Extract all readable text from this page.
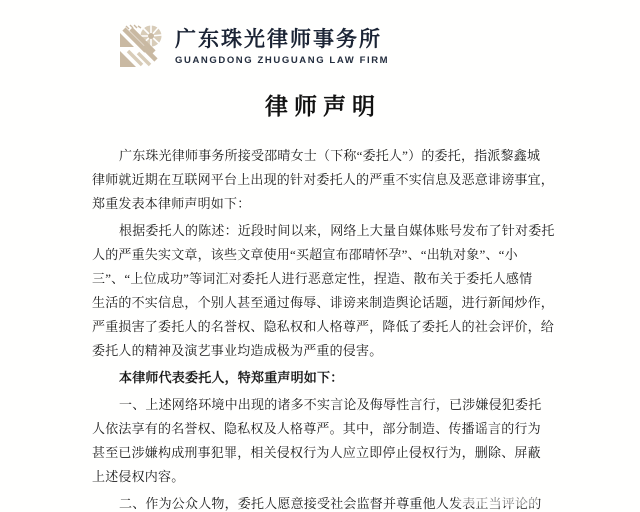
广东珠光律师事务所
GUANGDONG ZHUGUANG LAW FIRM
律师声明
广东珠光律师事务所接受邵晴女士（下称“委托人”）的委托，指派黎鑫城
律师就近期在互联网平台上出现的针对委托人的严重不实信息及恶意诽谤事宜，
郑重发表本律师声明如下：
根据委托人的陈述：近段时间以来，网络上大量自媒体账号发布了针对委托
人的严重失实文章，该些文章使用“买超宣布邵晴怀孕”、“出轨对象”、“小
三”、“上位成功”等词汇对委托人进行恶意定性，捏造、散布关于委托人感情
生活的不实信息，个别人甚至通过侮辱、诽谤来制造舆论话题，进行新闻炒作，
严重损害了委托人的名誉权、隐私权和人格尊严，降低了委托人的社会评价，给
委托人的精神及演艺事业均造成极为严重的侵害。
本律师代表委托人，特郑重声明如下：
一、上述网络环境中出现的诸多不实言论及侮辱性言行，已涉嫌侵犯委托
人依法享有的名誉权、隐私权及人格尊严。其中，部分制造、传播谣言的行为
甚至已涉嫌构成刑事犯罪，相关侵权行为人应立即停止侵权行为，删除、屏蔽
上述侵权内容。
二、作为公众人物，委托人愿意接受社会监督并尊重他人发表正当评论的
